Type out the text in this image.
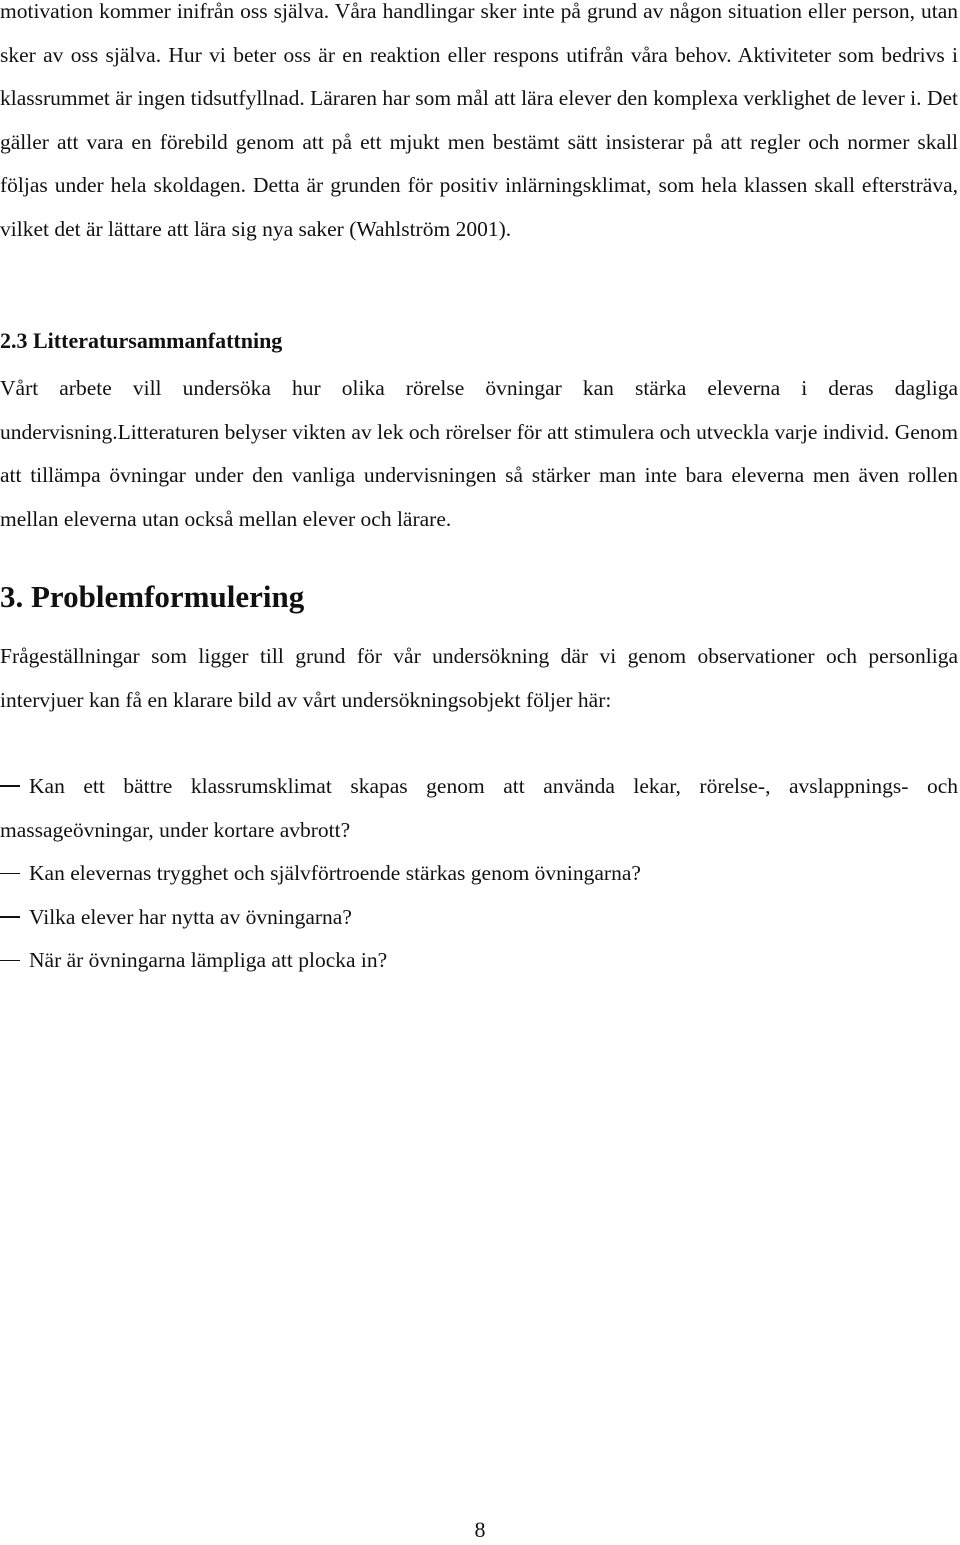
motivation kommer inifrån oss själva. Våra handlingar sker inte på grund av någon situation eller person, utan sker av oss själva. Hur vi beter oss är en reaktion eller respons utifrån våra behov. Aktiviteter som bedrivs i klassrummet är ingen tidsutfyllnad. Läraren har som mål att lära elever den komplexa verklighet de lever i. Det gäller att vara en förebild genom att på ett mjukt men bestämt sätt insisterar på att regler och normer skall följas under hela skoldagen. Detta är grunden för positiv inlärningsklimat, som hela klassen skall eftersträva, vilket det är lättare att lära sig nya saker (Wahlström 2001).

2.3 Litteratursammanfattning

Vårt arbete vill undersöka hur olika rörelse övningar kan stärka eleverna i deras dagliga undervisning.Litteraturen belyser vikten av lek och rörelser för att stimulera och utveckla varje individ. Genom att tillämpa övningar under den vanliga undervisningen så stärker man inte bara eleverna men även rollen mellan eleverna utan också mellan elever och lärare.

3. Problemformulering

Frågeställningar som ligger till grund för vår undersökning där vi genom observationer och personliga intervjuer kan få en klarare bild av vårt undersökningsobjekt följer här:

Kan ett bättre klassrumsklimat skapas genom att använda lekar, rörelse-, avslappnings- och massageövningar, under kortare avbrott?
Kan elevernas trygghet och självförtroende stärkas genom övningarna?
Vilka elever har nytta av övningarna?
När är övningarna lämpliga att plocka in?
8
